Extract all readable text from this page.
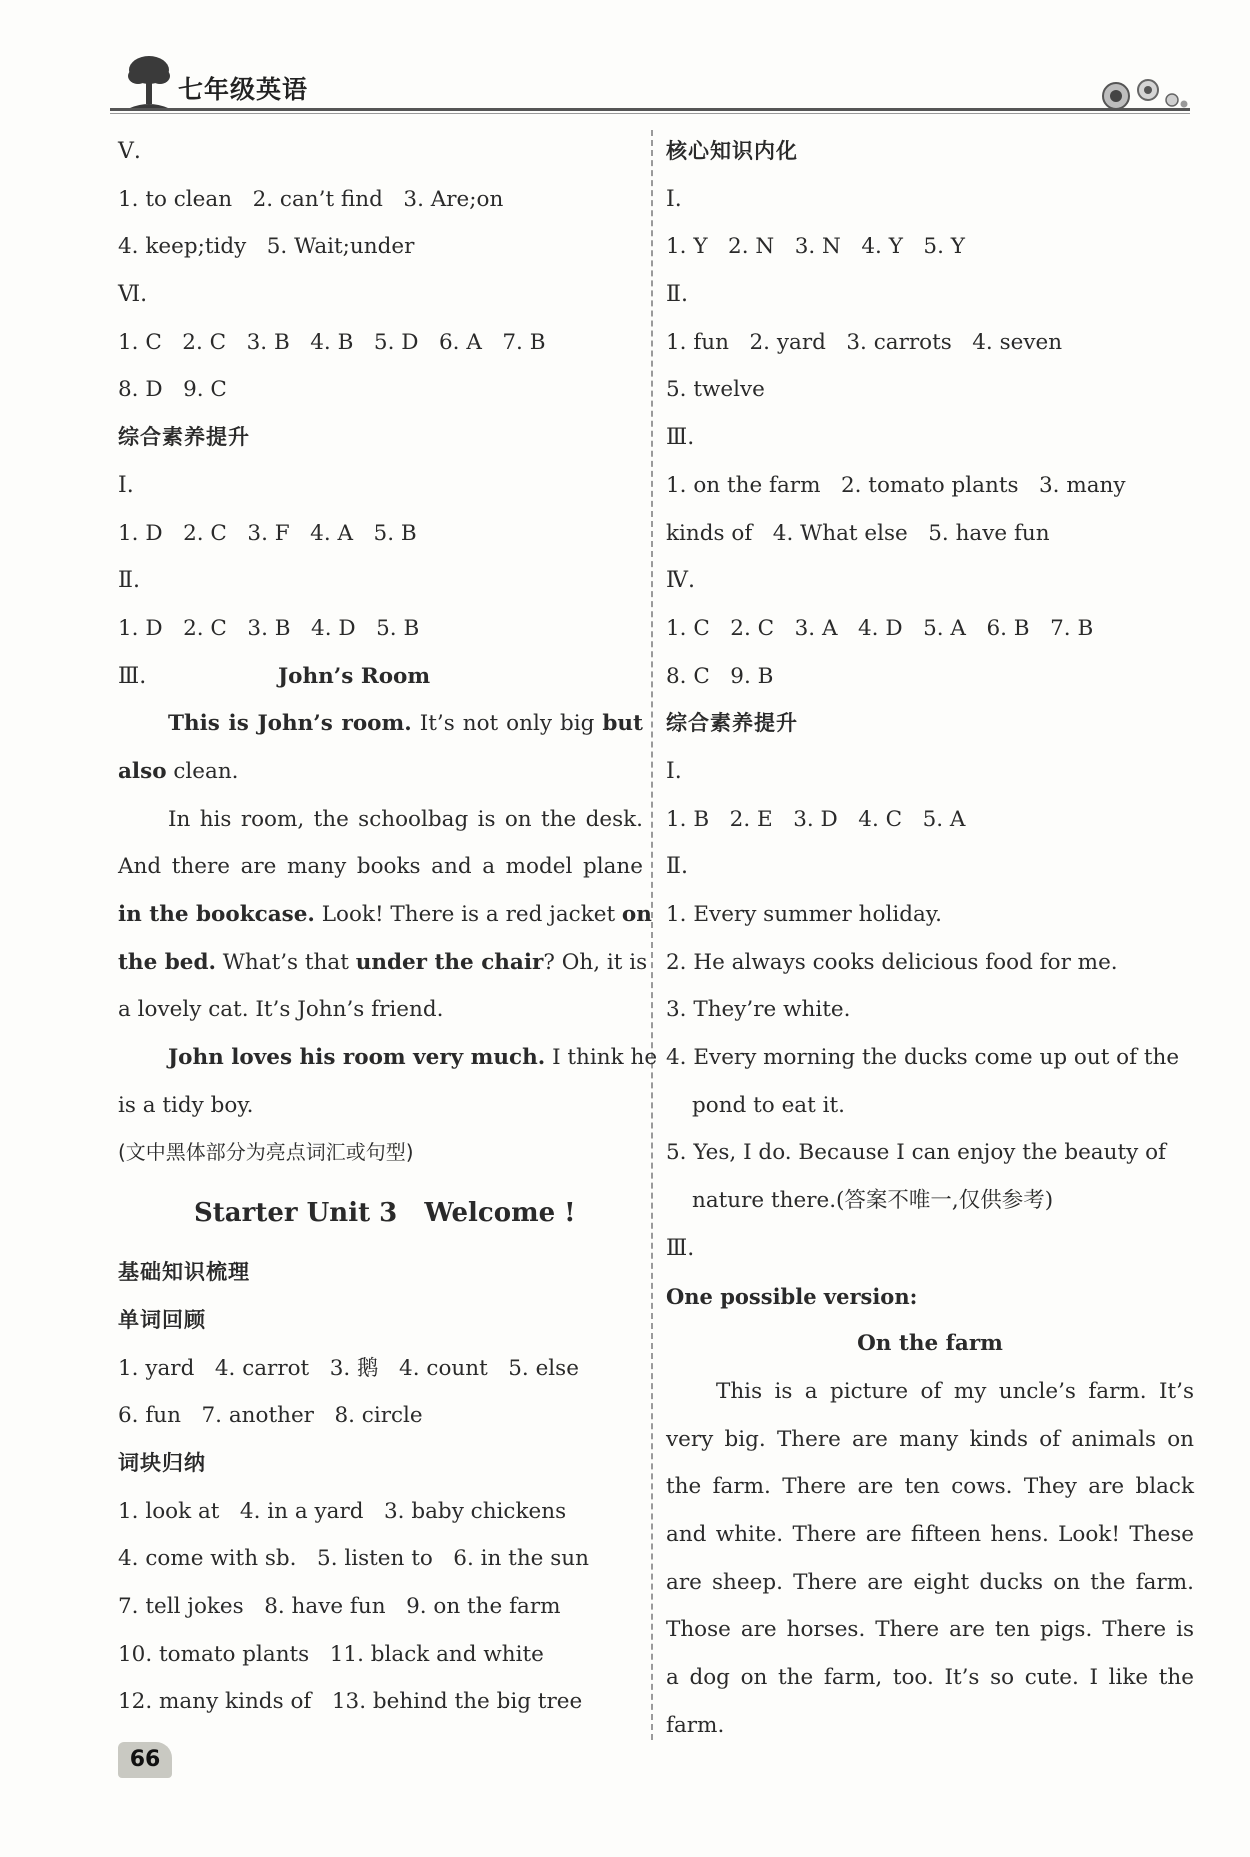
七年级英语
Ⅴ.
1. to clean   2. can’t find   3. Are;on
4. keep;tidy   5. Wait;under
Ⅵ.
1. C   2. C   3. B   4. B   5. D   6. A   7. B
8. D   9. C
综合素养提升
Ⅰ.
1. D   2. C   3. F   4. A   5. B
Ⅱ.
1. D   2. C   3. B   4. D   5. B
Ⅲ.	John’s Room
This is John’s room. It’s not only big but
also clean.
In his room, the schoolbag is on the desk.
And there are many books and a model plane
in the bookcase. Look! There is a red jacket on
the bed. What’s that under the chair? Oh, it is
a lovely cat. It’s John’s friend.
John loves his room very much. I think he
is a tidy boy.
(文中黑体部分为亮点词汇或句型)
Starter Unit 3   Welcome !
基础知识梳理
单词回顾
1. yard   4. carrot   3. 鹅   4. count   5. else
6. fun   7. another   8. circle
词块归纳
1. look at   4. in a yard   3. baby chickens
4. come with sb.   5. listen to   6. in the sun
7. tell jokes   8. have fun   9. on the farm
10. tomato plants   11. black and white
12. many kinds of   13. behind the big tree
核心知识内化
Ⅰ.
1. Y   2. N   3. N   4. Y   5. Y
Ⅱ.
1. fun   2. yard   3. carrots   4. seven
5. twelve
Ⅲ.
1. on the farm   2. tomato plants   3. many
kinds of   4. What else   5. have fun
Ⅳ.
1. C   2. C   3. A   4. D   5. A   6. B   7. B
8. C   9. B
综合素养提升
Ⅰ.
1. B   2. E   3. D   4. C   5. A
Ⅱ.
1. Every summer holiday.
2. He always cooks delicious food for me.
3. They’re white.
4. Every morning the ducks come up out of the
pond to eat it.
5. Yes, I do. Because I can enjoy the beauty of
nature there.(答案不唯一,仅供参考)
Ⅲ.
One possible version:
On the farm
This is a picture of my uncle’s farm. It’s
very big. There are many kinds of animals on
the farm. There are ten cows. They are black
and white. There are fifteen hens. Look! These
are sheep. There are eight ducks on the farm.
Those are horses. There are ten pigs. There is
a dog on the farm, too. It’s so cute. I like the
farm.
66
